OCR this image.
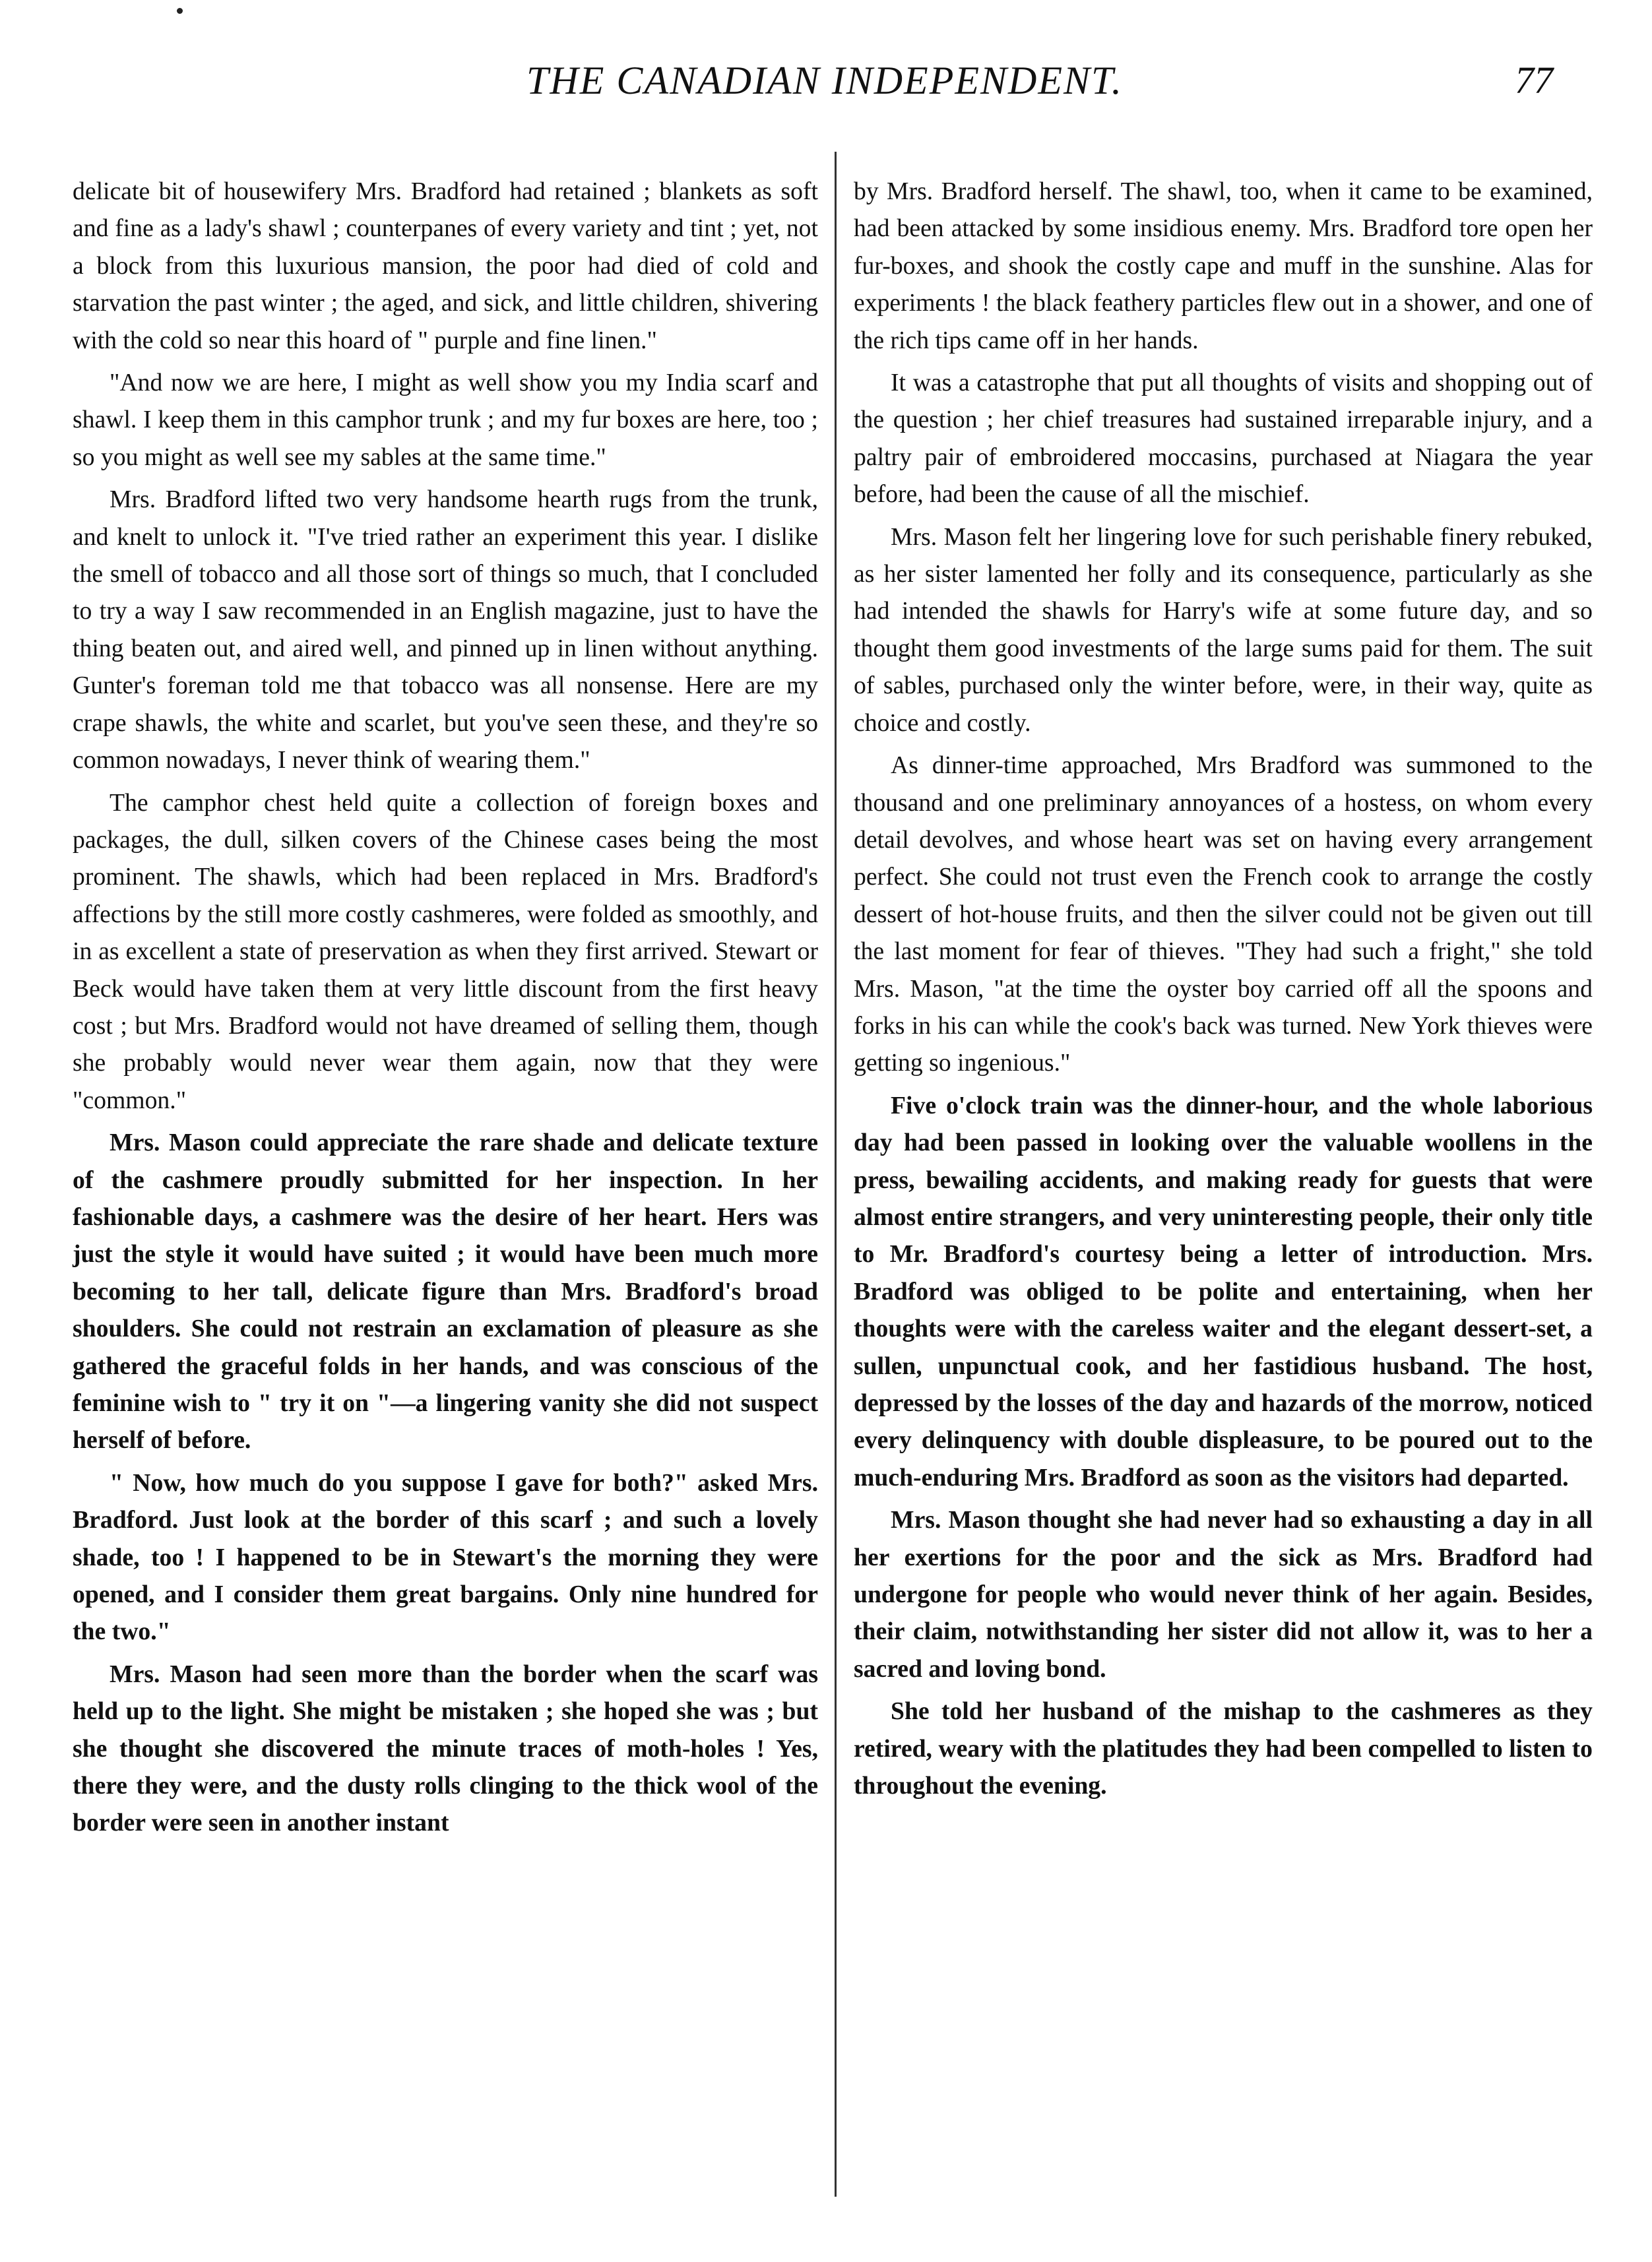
THE CANADIAN INDEPENDENT.	77

delicate bit of housewifery Mrs. Bradford had retained ; blankets as soft and fine as a lady's shawl ; counterpanes of every variety and tint ; yet, not a block from this luxurious mansion, the poor had died of cold and starvation the past winter ; the aged, and sick, and little children, shivering with the cold so near this hoard of " purple and fine linen."

"And now we are here, I might as well show you my India scarf and shawl. I keep them in this camphor trunk ; and my fur boxes are here, too ; so you might as well see my sables at the same time."

Mrs. Bradford lifted two very handsome hearth rugs from the trunk, and knelt to unlock it. "I've tried rather an experiment this year. I dislike the smell of tobacco and all those sort of things so much, that I concluded to try a way I saw recommended in an English magazine, just to have the thing beaten out, and aired well, and pinned up in linen without anything. Gunter's foreman told me that tobacco was all nonsense. Here are my crape shawls, the white and scarlet, but you've seen these, and they're so common nowadays, I never think of wearing them."

The camphor chest held quite a collection of foreign boxes and packages, the dull, silken covers of the Chinese cases being the most prominent. The shawls, which had been replaced in Mrs. Bradford's affections by the still more costly cashmeres, were folded as smoothly, and in as excellent a state of preservation as when they first arrived. Stewart or Beck would have taken them at very little discount from the first heavy cost ; but Mrs. Bradford would not have dreamed of selling them, though she probably would never wear them again, now that they were "common."

Mrs. Mason could appreciate the rare shade and delicate texture of the cashmere proudly submitted for her inspection. In her fashionable days, a cashmere was the desire of her heart. Hers was just the style it would have suited ; it would have been much more becoming to her tall, delicate figure than Mrs. Bradford's broad shoulders. She could not restrain an exclamation of pleasure as she gathered the graceful folds in her hands, and was conscious of the feminine wish to " try it on "—a lingering vanity she did not suspect herself of before.

" Now, how much do you suppose I gave for both?" asked Mrs. Bradford. Just look at the border of this scarf ; and such a lovely shade, too ! I happened to be in Stewart's the morning they were opened, and I consider them great bargains. Only nine hundred for the two."

Mrs. Mason had seen more than the border when the scarf was held up to the light. She might be mistaken ; she hoped she was ; but she thought she discovered the minute traces of moth-holes ! Yes, there they were, and the dusty rolls clinging to the thick wool of the border were seen in another instant

by Mrs. Bradford herself. The shawl, too, when it came to be examined, had been attacked by some insidious enemy. Mrs. Bradford tore open her fur-boxes, and shook the costly cape and muff in the sunshine. Alas for experiments ! the black feathery particles flew out in a shower, and one of the rich tips came off in her hands.

It was a catastrophe that put all thoughts of visits and shopping out of the question ; her chief treasures had sustained irreparable injury, and a paltry pair of embroidered moccasins, purchased at Niagara the year before, had been the cause of all the mischief.

Mrs. Mason felt her lingering love for such perishable finery rebuked, as her sister lamented her folly and its consequence, particularly as she had intended the shawls for Harry's wife at some future day, and so thought them good investments of the large sums paid for them. The suit of sables, purchased only the winter before, were, in their way, quite as choice and costly.

As dinner-time approached, Mrs Bradford was summoned to the thousand and one preliminary annoyances of a hostess, on whom every detail devolves, and whose heart was set on having every arrangement perfect. She could not trust even the French cook to arrange the costly dessert of hot-house fruits, and then the silver could not be given out till the last moment for fear of thieves. "They had such a fright," she told Mrs. Mason, "at the time the oyster boy carried off all the spoons and forks in his can while the cook's back was turned. New York thieves were getting so ingenious."

Five o'clock train was the dinner-hour, and the whole laborious day had been passed in looking over the valuable woollens in the press, bewailing accidents, and making ready for guests that were almost entire strangers, and very uninteresting people, their only title to Mr. Bradford's courtesy being a letter of introduction. Mrs. Bradford was obliged to be polite and entertaining, when her thoughts were with the careless waiter and the elegant dessert-set, a sullen, unpunctual cook, and her fastidious husband. The host, depressed by the losses of the day and hazards of the morrow, noticed every delinquency with double displeasure, to be poured out to the much-enduring Mrs. Bradford as soon as the visitors had departed.

Mrs. Mason thought she had never had so exhausting a day in all her exertions for the poor and the sick as Mrs. Bradford had undergone for people who would never think of her again. Besides, their claim, notwithstanding her sister did not allow it, was to her a sacred and loving bond.

She told her husband of the mishap to the cashmeres as they retired, weary with the platitudes they had been compelled to listen to throughout the evening.
